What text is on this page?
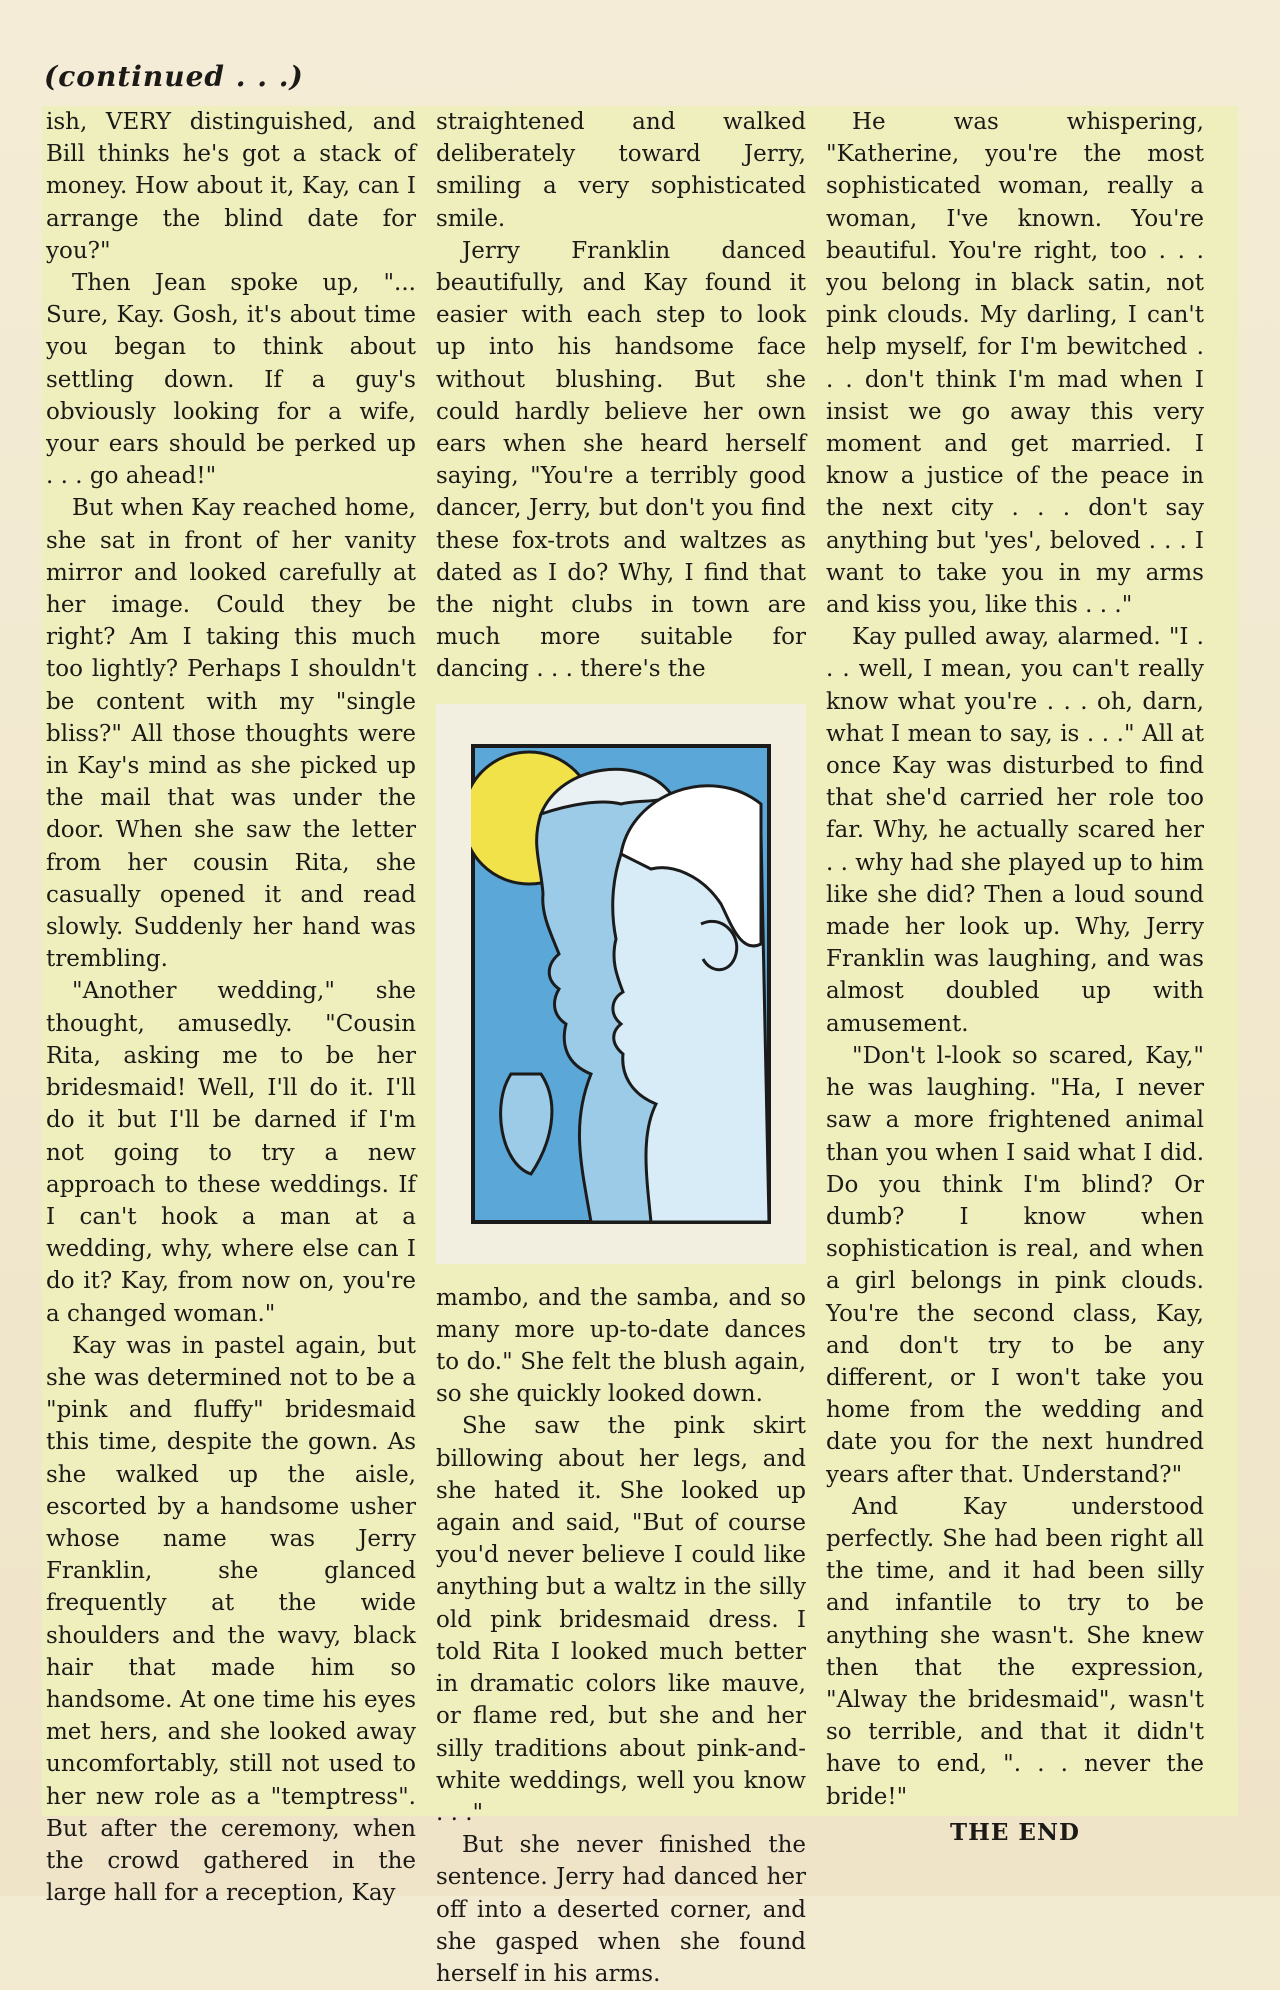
(continued . . .)

ish, VERY distinguished, and Bill thinks he's got a stack of money. How about it, Kay, can I arrange the blind date for you?"

Then Jean spoke up, "... Sure, Kay. Gosh, it's about time you began to think about settling down. If a guy's obviously looking for a wife, your ears should be perked up . . . go ahead!"

But when Kay reached home, she sat in front of her vanity mirror and looked carefully at her image. Could they be right? Am I taking this much too lightly? Perhaps I shouldn't be content with my "single bliss?" All those thoughts were in Kay's mind as she picked up the mail that was under the door. When she saw the letter from her cousin Rita, she casually opened it and read slowly. Suddenly her hand was trembling.

"Another wedding," she thought, amusedly. "Cousin Rita, asking me to be her bridesmaid! Well, I'll do it. I'll do it but I'll be darned if I'm not going to try a new approach to these weddings. If I can't hook a man at a wedding, why, where else can I do it? Kay, from now on, you're a changed woman."

Kay was in pastel again, but she was determined not to be a "pink and fluffy" bridesmaid this time, despite the gown. As she walked up the aisle, escorted by a handsome usher whose name was Jerry Franklin, she glanced frequently at the wide shoulders and the wavy, black hair that made him so handsome. At one time his eyes met hers, and she looked away uncomfortably, still not used to her new role as a "temptress". But after the ceremony, when the crowd gathered in the large hall for a reception, Kay

straightened and walked deliberately toward Jerry, smiling a very sophisticated smile.

Jerry Franklin danced beautifully, and Kay found it easier with each step to look up into his handsome face without blushing. But she could hardly believe her own ears when she heard herself saying, "You're a terribly good dancer, Jerry, but don't you find these fox-trots and waltzes as dated as I do? Why, I find that the night clubs in town are much more suitable for dancing . . . there's the

mambo, and the samba, and so many more up-to-date dances to do." She felt the blush again, so she quickly looked down.

She saw the pink skirt billowing about her legs, and she hated it. She looked up again and said, "But of course you'd never believe I could like anything but a waltz in the silly old pink bridesmaid dress. I told Rita I looked much better in dramatic colors like mauve, or flame red, but she and her silly traditions about pink-and-white weddings, well you know . . ."

But she never finished the sentence. Jerry had danced her off into a deserted corner, and she gasped when she found herself in his arms.

He was whispering, "Katherine, you're the most sophisticated woman, really a woman, I've known. You're beautiful. You're right, too . . . you belong in black satin, not pink clouds. My darling, I can't help myself, for I'm bewitched . . . don't think I'm mad when I insist we go away this very moment and get married. I know a justice of the peace in the next city . . . don't say anything but 'yes', beloved . . . I want to take you in my arms and kiss you, like this . . ."

Kay pulled away, alarmed. "I . . . well, I mean, you can't really know what you're . . . oh, darn, what I mean to say, is . . ." All at once Kay was disturbed to find that she'd carried her role too far. Why, he actually scared her . . why had she played up to him like she did? Then a loud sound made her look up. Why, Jerry Franklin was laughing, and was almost doubled up with amusement.

"Don't l-look so scared, Kay," he was laughing. "Ha, I never saw a more frightened animal than you when I said what I did. Do you think I'm blind? Or dumb? I know when sophistication is real, and when a girl belongs in pink clouds. You're the second class, Kay, and don't try to be any different, or I won't take you home from the wedding and date you for the next hundred years after that. Understand?"

And Kay understood perfectly. She had been right all the time, and it had been silly and infantile to try to be anything she wasn't. She knew then that the expression, "Alway the bridesmaid", wasn't so terrible, and that it didn't have to end, ". . . never the bride!"

THE END
